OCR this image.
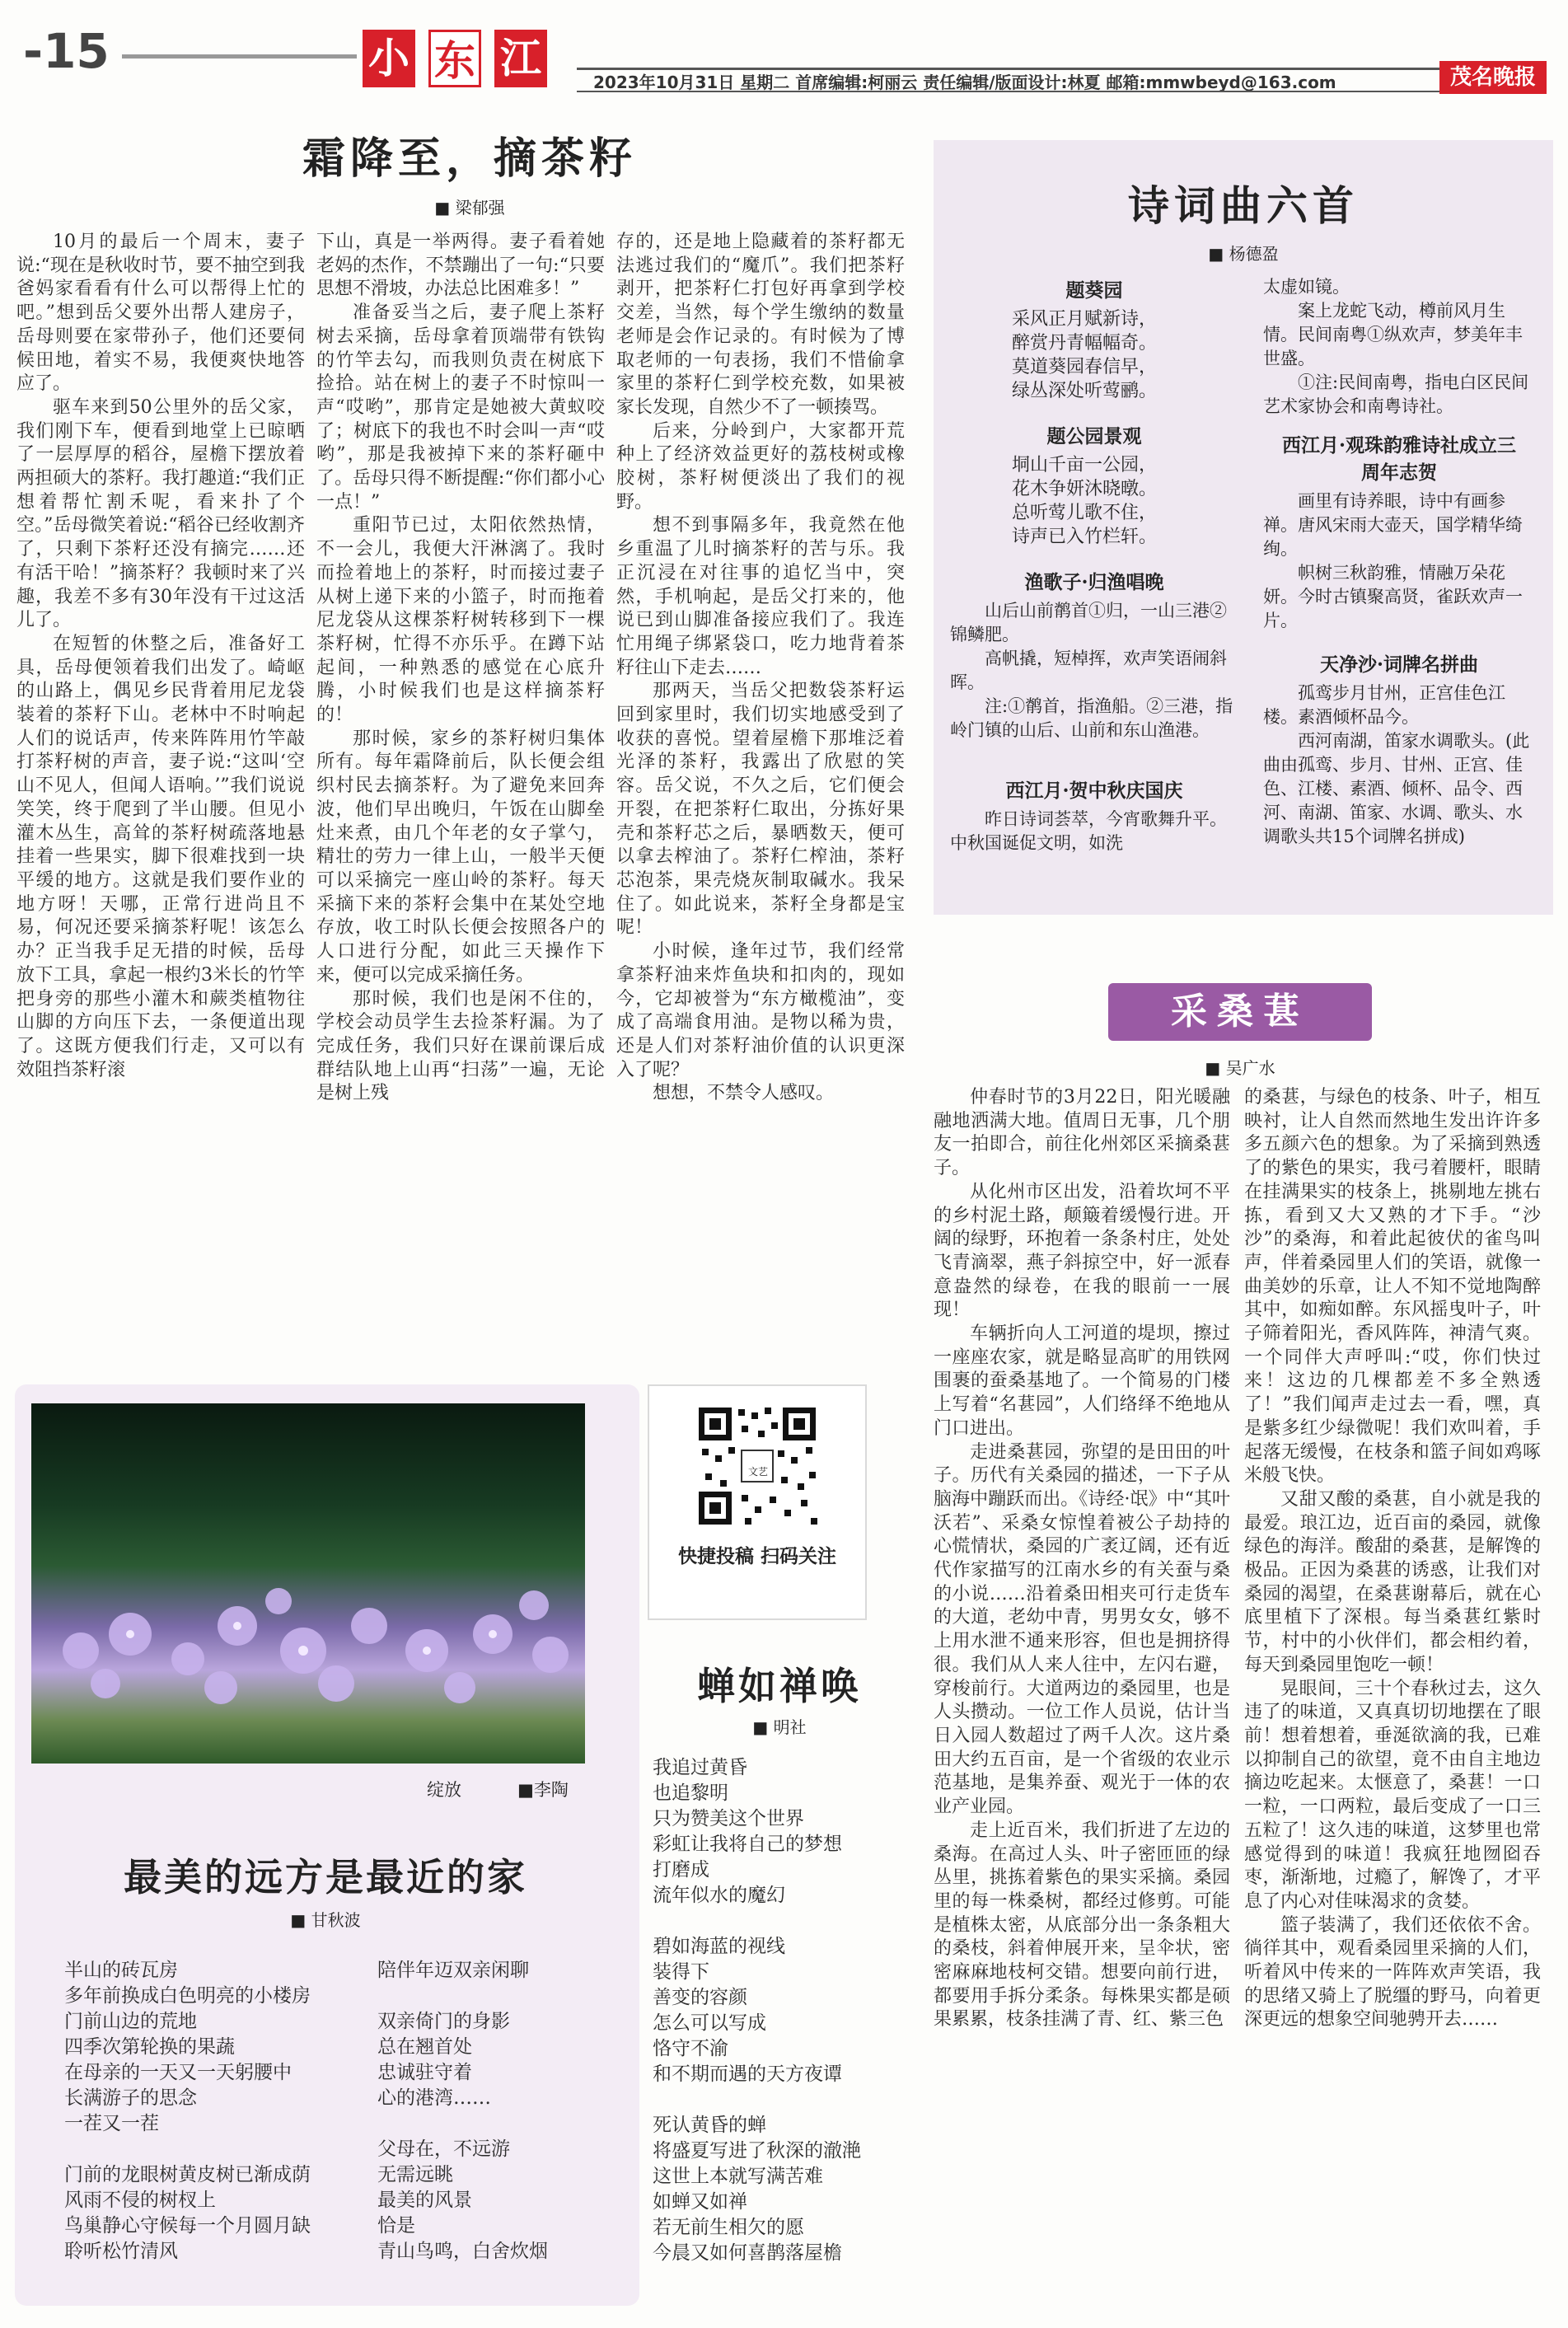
-15	小 东 江	2023年10月31日 星期二 首席编辑:柯丽云 责任编辑/版面设计:林夏 邮箱:mmwbeyd@163.com	茂名晚报
霜降至，摘茶籽
■ 梁郁强

10月的最后一个周末，妻子说:“现在是秋收时节，要不抽空到我爸妈家看看有什么可以帮得上忙的吧。”想到岳父要外出帮人建房子，岳母则要在家带孙子，他们还要伺候田地，着实不易，我便爽快地答应了。

驱车来到50公里外的岳父家，我们刚下车，便看到地堂上已晾晒了一层厚厚的稻谷，屋檐下摆放着两担硕大的茶籽。我打趣道:“我们正想着帮忙割禾呢，看来扑了个空。”岳母微笑着说:“稻谷已经收割齐了，只剩下茶籽还没有摘完……还有活干哈！”摘茶籽？我顿时来了兴趣，我差不多有30年没有干过这活儿了。

在短暂的休整之后，准备好工具，岳母便领着我们出发了。崎岖的山路上，偶见乡民背着用尼龙袋装着的茶籽下山。老林中不时响起人们的说话声，传来阵阵用竹竿敲打茶籽树的声音，妻子说:“这叫‘空山不见人，但闻人语响。’”我们说说笑笑，终于爬到了半山腰。但见小灌木丛生，高耸的茶籽树疏落地悬挂着一些果实，脚下很难找到一块平缓的地方。这就是我们要作业的地方呀！天哪，正常行进尚且不易，何况还要采摘茶籽呢！该怎么办？正当我手足无措的时候，岳母放下工具，拿起一根约3米长的竹竿把身旁的那些小灌木和蕨类植物往山脚的方向压下去，一条便道出现了。这既方便我们行走，又可以有效阻挡茶籽滚

下山，真是一举两得。妻子看着她老妈的杰作，不禁蹦出了一句:“只要思想不滑坡，办法总比困难多！”

准备妥当之后，妻子爬上茶籽树去采摘，岳母拿着顶端带有铁钩的竹竿去勾，而我则负责在树底下捡拾。站在树上的妻子不时惊叫一声“哎哟”，那肯定是她被大黄蚁咬了；树底下的我也不时会叫一声“哎哟”，那是我被掉下来的茶籽砸中了。岳母只得不断提醒:“你们都小心一点！”

重阳节已过，太阳依然热情，不一会儿，我便大汗淋漓了。我时而捡着地上的茶籽，时而接过妻子从树上递下来的小篮子，时而拖着尼龙袋从这棵茶籽树转移到下一棵茶籽树，忙得不亦乐乎。在蹲下站起间，一种熟悉的感觉在心底升腾，小时候我们也是这样摘茶籽的！

那时候，家乡的茶籽树归集体所有。每年霜降前后，队长便会组织村民去摘茶籽。为了避免来回奔波，他们早出晚归，午饭在山脚垒灶来煮，由几个年老的女子掌勺，精壮的劳力一律上山，一般半天便可以采摘完一座山岭的茶籽。每天采摘下来的茶籽会集中在某处空地存放，收工时队长便会按照各户的人口进行分配，如此三天操作下来，便可以完成采摘任务。

那时候，我们也是闲不住的，学校会动员学生去捡茶籽漏。为了完成任务，我们只好在课前课后成群结队地上山再“扫荡”一遍，无论是树上残

存的，还是地上隐藏着的茶籽都无法逃过我们的“魔爪”。我们把茶籽剥开，把茶籽仁打包好再拿到学校交差，当然，每个学生缴纳的数量老师是会作记录的。有时候为了博取老师的一句表扬，我们不惜偷拿家里的茶籽仁到学校充数，如果被家长发现，自然少不了一顿揍骂。

后来，分岭到户，大家都开荒种上了经济效益更好的荔枝树或橡胶树，茶籽树便淡出了我们的视野。

想不到事隔多年，我竟然在他乡重温了儿时摘茶籽的苦与乐。我正沉浸在对往事的追忆当中，突然，手机响起，是岳父打来的，他说已到山脚准备接应我们了。我连忙用绳子绑紧袋口，吃力地背着茶籽往山下走去……

那两天，当岳父把数袋茶籽运回到家里时，我们切实地感受到了收获的喜悦。望着屋檐下那堆泛着光泽的茶籽，我露出了欣慰的笑容。岳父说，不久之后，它们便会开裂，在把茶籽仁取出，分拣好果壳和茶籽芯之后，暴晒数天，便可以拿去榨油了。茶籽仁榨油，茶籽芯泡茶，果壳烧灰制取碱水。我呆住了。如此说来，茶籽全身都是宝呢！

小时候，逢年过节，我们经常拿茶籽油来炸鱼块和扣肉的，现如今，它却被誉为“东方橄榄油”，变成了高端食用油。是物以稀为贵，还是人们对茶籽油价值的认识更深入了呢？

想想，不禁令人感叹。

诗词曲六首
■ 杨德盈
题葵园
采风正月赋新诗，
醉赏丹青幅幅奇。
莫道葵园春信早，
绿丛深处听莺鹂。
题公园景观
垌山千亩一公园，
花木争妍沐晓暾。
总听莺儿歌不住，
诗声已入竹栏轩。
渔歌子·归渔唱晚
山后山前鹡首①归，一山三港②锦鳞肥。
高帆撬，短棹挥，欢声笑语闹斜晖。
注:①鹡首，指渔船。②三港，指岭门镇的山后、山前和东山渔港。
西江月·贺中秋庆国庆
昨日诗词荟萃，今宵歌舞升平。中秋国诞促文明，如洗
太虚如镜。
案上龙蛇飞动，樽前风月生情。民间南粤①纵欢声，梦美年丰世盛。
①注:民间南粤，指电白区民间艺术家协会和南粤诗社。
西江月·观珠韵雅诗社成立三周年志贺
画里有诗养眼，诗中有画参禅。唐风宋雨大壶天，国学精华绮绚。
帜树三秋韵雅，情融万朵花妍。今时古镇聚高贤，雀跃欢声一片。
天净沙·词牌名拼曲
孤鸾步月甘州，正宫佳色江楼。素酒倾杯品今。
西河南湖，笛家水调歌头。(此曲由孤鸾、步月、甘州、正宫、佳色、江楼、素酒、倾杯、品令、西河、南湖、笛家、水调、歌头、水调歌头共15个词牌名拼成)
采桑葚
■ 吴广水

仲春时节的3月22日，阳光暖融融地洒满大地。值周日无事，几个朋友一拍即合，前往化州郊区采摘桑葚子。

从化州市区出发，沿着坎坷不平的乡村泥土路，颠簸着缓慢行进。开阔的绿野，环抱着一条条村庄，处处飞青滴翠，燕子斜掠空中，好一派春意盎然的绿卷，在我的眼前一一展现！

车辆折向人工河道的堤坝，擦过一座座农家，就是略显高旷的用铁网围裹的蚕桑基地了。一个简易的门楼上写着“名葚园”，人们络绎不绝地从门口进出。

走进桑葚园，弥望的是田田的叶子。历代有关桑园的描述，一下子从脑海中蹦跃而出。《诗经·氓》中“其叶沃若”、采桑女惊惶着被公子劫持的心慌情状，桑园的广袤辽阔，还有近代作家描写的江南水乡的有关蚕与桑的小说……沿着桑田相夹可行走货车的大道，老幼中青，男男女女，够不上用水泄不通来形容，但也是拥挤得很。我们从人来人往中，左闪右避，穿梭前行。大道两边的桑园里，也是人头攒动。一位工作人员说，估计当日入园人数超过了两千人次。这片桑田大约五百亩，是一个省级的农业示范基地，是集养蚕、观光于一体的农业产业园。

走上近百米，我们折进了左边的桑海。在高过人头、叶子密匝匝的绿丛里，挑拣着紫色的果实采摘。桑园里的每一株桑树，都经过修剪。可能是植株太密，从底部分出一条条粗大的桑枝，斜着伸展开来，呈伞状，密密麻麻地枝柯交错。想要向前行进，都要用手拆分柔条。每株果实都是硕果累累，枝条挂满了青、红、紫三色

的桑葚，与绿色的枝条、叶子，相互映衬，让人自然而然地生发出许许多多五颜六色的想象。为了采摘到熟透了的紫色的果实，我弓着腰杆，眼睛在挂满果实的枝条上，挑剔地左挑右拣，看到又大又熟的才下手。“沙沙”的桑海，和着此起彼伏的雀鸟叫声，伴着桑园里人们的笑语，就像一曲美妙的乐章，让人不知不觉地陶醉其中，如痴如醉。东风摇曳叶子，叶子筛着阳光，香风阵阵，神清气爽。一个同伴大声呼叫:“哎，你们快过来！这边的几棵都差不多全熟透了！”我们闻声走过去一看，嘿，真是紫多红少绿微呢！我们欢叫着，手起落无缓慢，在枝条和篮子间如鸡啄米般飞快。

又甜又酸的桑葚，自小就是我的最爱。琅江边，近百亩的桑园，就像绿色的海洋。酸甜的桑葚，是解馋的极品。正因为桑葚的诱惑，让我们对桑园的渴望，在桑葚谢幕后，就在心底里植下了深根。每当桑葚红紫时节，村中的小伙伴们，都会相约着，每天到桑园里饱吃一顿！

晃眼间，三十个春秋过去，这久违了的味道，又真真切切地摆在了眼前！想着想着，垂涎欲滴的我，已难以抑制自己的欲望，竟不由自主地边摘边吃起来。太惬意了，桑葚！一口一粒，一口两粒，最后变成了一口三五粒了！这久违的味道，这梦里也常感觉得到的味道！我疯狂地囫囵吞枣，渐渐地，过瘾了，解馋了，才平息了内心对佳味渴求的贪婪。

篮子装满了，我们还依依不舍。徜徉其中，观看桑园里采摘的人们，听着风中传来的一阵阵欢声笑语，我的思绪又骑上了脱缰的野马，向着更深更远的想象空间驰骋开去……

绽放	■李陶
最美的远方是最近的家
■ 甘秋波
半山的砖瓦房
多年前换成白色明亮的小楼房
门前山边的荒地
四季次第轮换的果蔬
在母亲的一天又一天躬腰中
长满游子的思念
一茬又一茬
门前的龙眼树黄皮树已渐成荫
风雨不侵的树杈上
鸟巢静心守候每一个月圆月缺
聆听松竹清风
陪伴年迈双亲闲聊
双亲倚门的身影
总在翘首处
忠诚驻守着
心的港湾……
父母在，不远游
无需远眺
最美的风景
恰是
青山鸟鸣，白舍炊烟
文艺
快捷投稿 扫码关注
蝉如禅唤
■ 明社
我追过黄昏
也追黎明
只为赞美这个世界
彩虹让我将自己的梦想
打磨成
流年似水的魔幻
碧如海蓝的视线
装得下
善变的容颜
怎么可以写成
恪守不渝
和不期而遇的天方夜谭
死认黄昏的蝉
将盛夏写进了秋深的澈滟
这世上本就写满苦难
如蝉又如禅
若无前生相欠的愿
今晨又如何喜鹊落屋檐
